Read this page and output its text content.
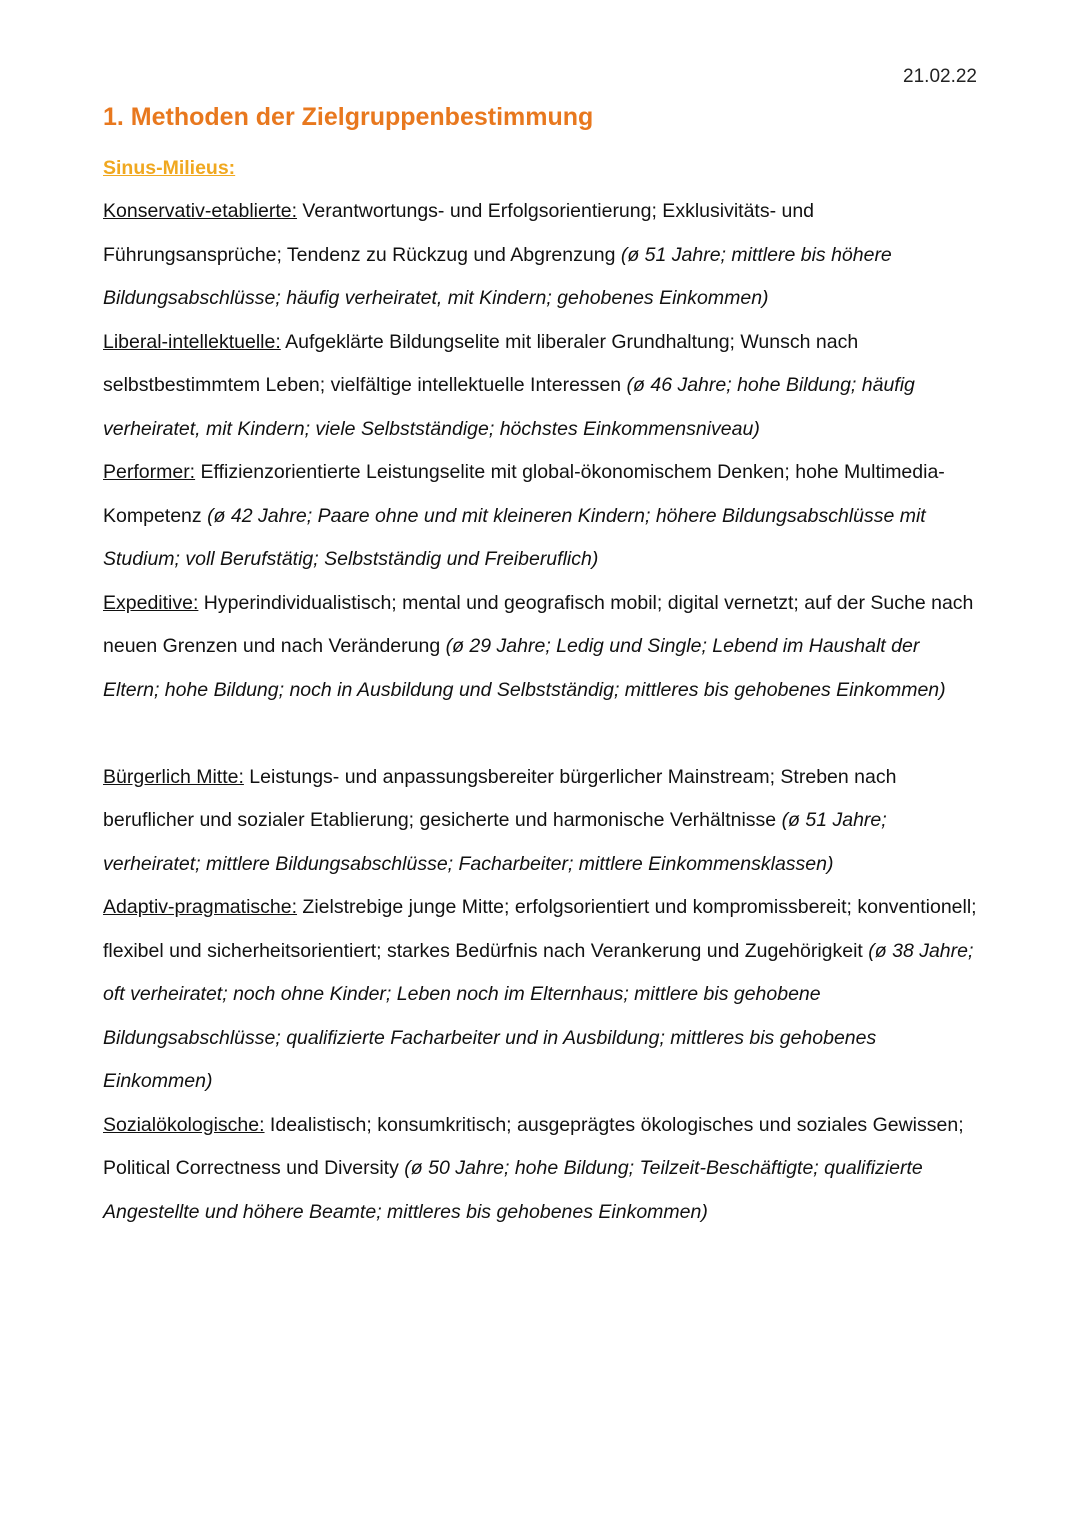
21.02.22
1. Methoden der Zielgruppenbestimmung
Sinus-Milieus:

Konservativ-etablierte: Verantwortungs- und Erfolgsorientierung; Exklusivitäts- und Führungsansprüche; Tendenz zu Rückzug und Abgrenzung (ø 51 Jahre; mittlere bis höhere Bildungsabschlüsse; häufig verheiratet, mit Kindern; gehobenes Einkommen)

Liberal-intellektuelle: Aufgeklärte Bildungselite mit liberaler Grundhaltung; Wunsch nach selbstbestimmtem Leben; vielfältige intellektuelle Interessen (ø 46 Jahre; hohe Bildung; häufig verheiratet, mit Kindern; viele Selbstständige; höchstes Einkommensniveau)

Performer: Effizienzorientierte Leistungselite mit global-ökonomischem Denken; hohe Multimedia-Kompetenz (ø 42 Jahre; Paare ohne und mit kleineren Kindern; höhere Bildungsabschlüsse mit Studium; voll Berufstätig; Selbstständig und Freiberuflich)

Expeditive: Hyperindividualistisch; mental und geografisch mobil; digital vernetzt; auf der Suche nach neuen Grenzen und nach Veränderung (ø 29 Jahre; Ledig und Single; Lebend im Haushalt der Eltern; hohe Bildung; noch in Ausbildung und Selbstständig; mittleres bis gehobenes Einkommen)

Bürgerlich Mitte: Leistungs- und anpassungsbereiter bürgerlicher Mainstream; Streben nach beruflicher und sozialer Etablierung; gesicherte und harmonische Verhältnisse (ø 51 Jahre; verheiratet; mittlere Bildungsabschlüsse; Facharbeiter; mittlere Einkommensklassen)

Adaptiv-pragmatische: Zielstrebige junge Mitte; erfolgsorientiert und kompromissbereit; konventionell; flexibel und sicherheitsorientiert; starkes Bedürfnis nach Verankerung und Zugehörigkeit (ø 38 Jahre; oft verheiratet; noch ohne Kinder; Leben noch im Elternhaus; mittlere bis gehobene Bildungsabschlüsse; qualifizierte Facharbeiter und in Ausbildung; mittleres bis gehobenes Einkommen)

Sozialökologische: Idealistisch; konsumkritisch; ausgeprägtes ökologisches und soziales Gewissen; Political Correctness und Diversity (ø 50 Jahre; hohe Bildung; Teilzeit-Beschäftigte; qualifizierte Angestellte und höhere Beamte; mittleres bis gehobenes Einkommen)
